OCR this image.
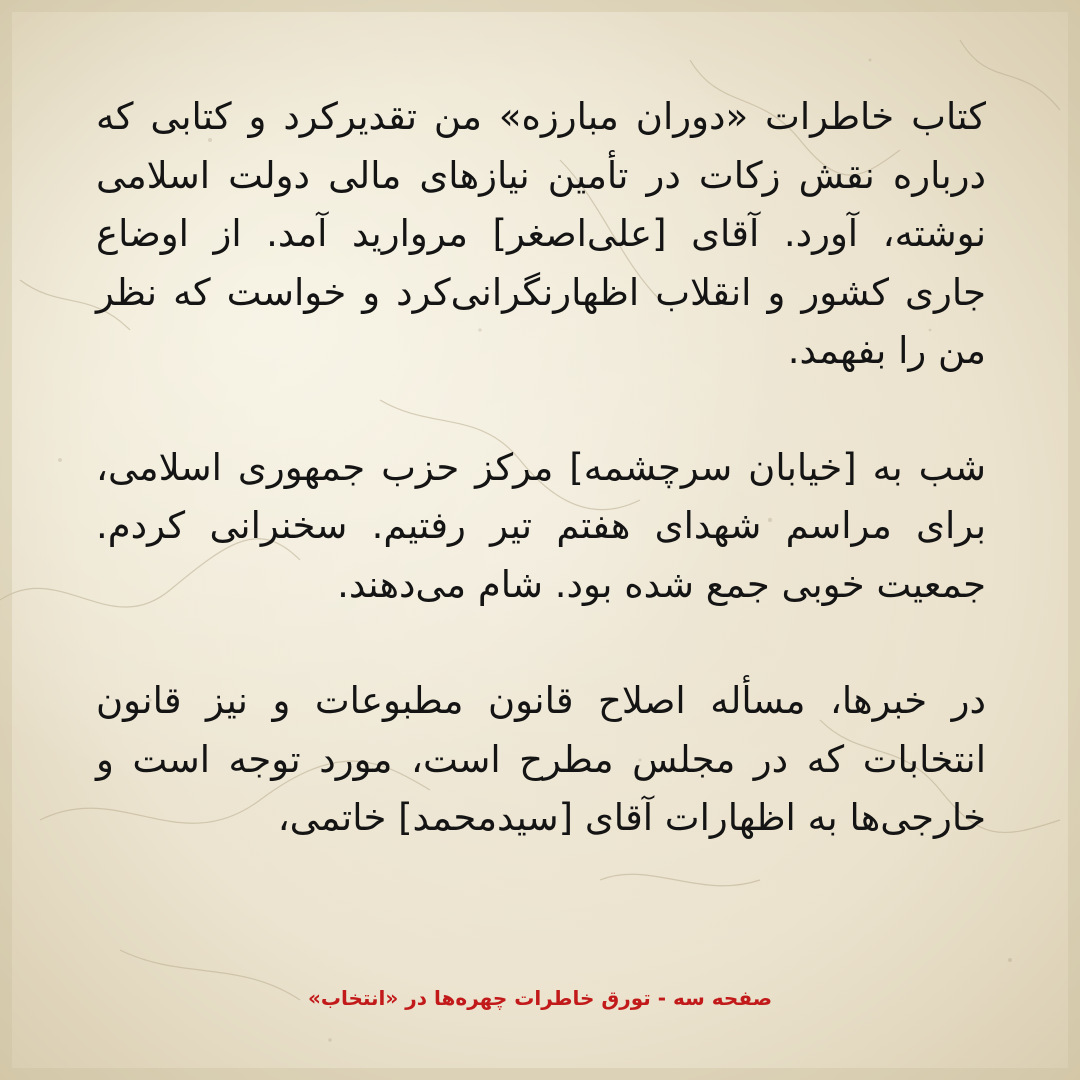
کتاب خاطرات «دوران مبارزه» من تقدیرکرد و کتابی که درباره نقش زکات در تأمین نیازهای مالی دولت اسلامی نوشته، آورد. آقای [علی‌اصغر] مروارید آمد. از اوضاع جاری کشور و انقلاب اظهارنگرانی‌کرد و خواست که نظر من را بفهمد.

شب به [خیابان سرچشمه] مرکز حزب جمهوری اسلامی، برای مراسم شهدای هفتم تیر رفتیم. سخنرانی کردم. جمعیت خوبی جمع شده بود. شام می‌دهند.

در خبرها، مسأله اصلاح قانون مطبوعات و نیز قانون انتخابات که در مجلس مطرح است، مورد توجه است و خارجی‌ها به اظهارات آقای [سیدمحمد] خاتمی،

صفحه سه - تورق خاطرات چهره‌ها در «انتخاب»
